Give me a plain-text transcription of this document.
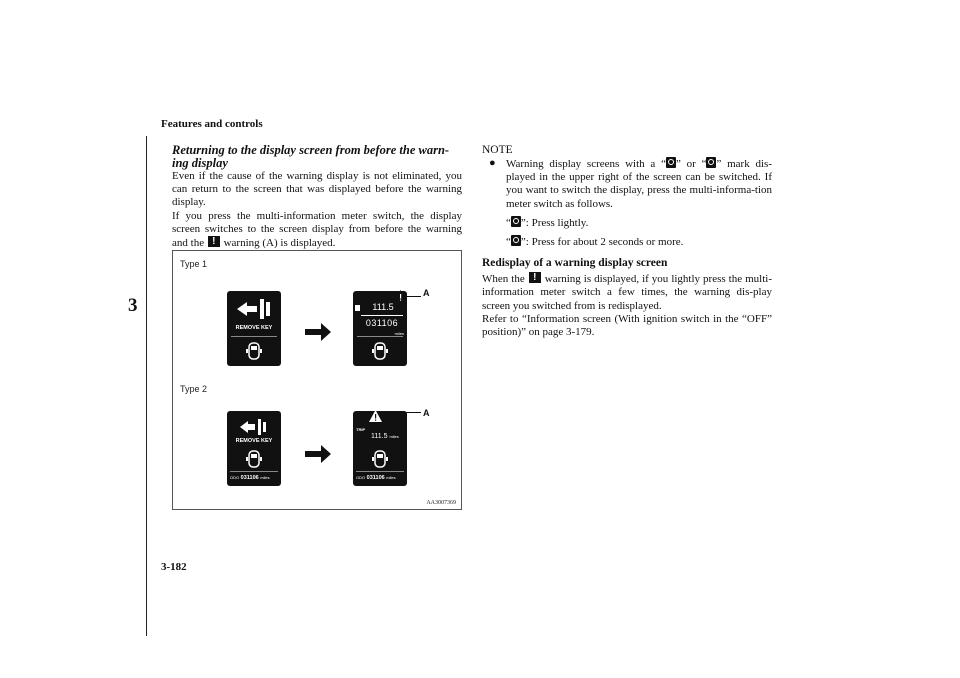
Features and controls
3
3-182

Returning to the display screen from before the warn-ing display

Even if the cause of the warning display is not eliminated, you can return to the screen that was displayed before the warning display.

If you press the multi-information meter switch, the display screen switches to the screen display from before the warning and the ! warning (A) is displayed.

Type 1
Type 2
REMOVE KEY
111.5
031106
miles
A
REMOVE KEY
ODO 031106 miles
TRIP
111.5 miles
ODO 031106 miles
A
AA3007369

NOTE

● Warning display screens with a “ ” or “ ” mark dis-played in the upper right of the screen can be switched. If you want to switch the display, press the multi-informa-tion meter switch as follows.

“ ”: Press lightly.

“ ”: Press for about 2 seconds or more.

Redisplay of a warning display screen

When the ! warning is displayed, if you lightly press the multi-information meter switch a few times, the warning dis-play screen you switched from is redisplayed.

Refer to “Information screen (With ignition switch in the “OFF” position)” on page 3-179.
